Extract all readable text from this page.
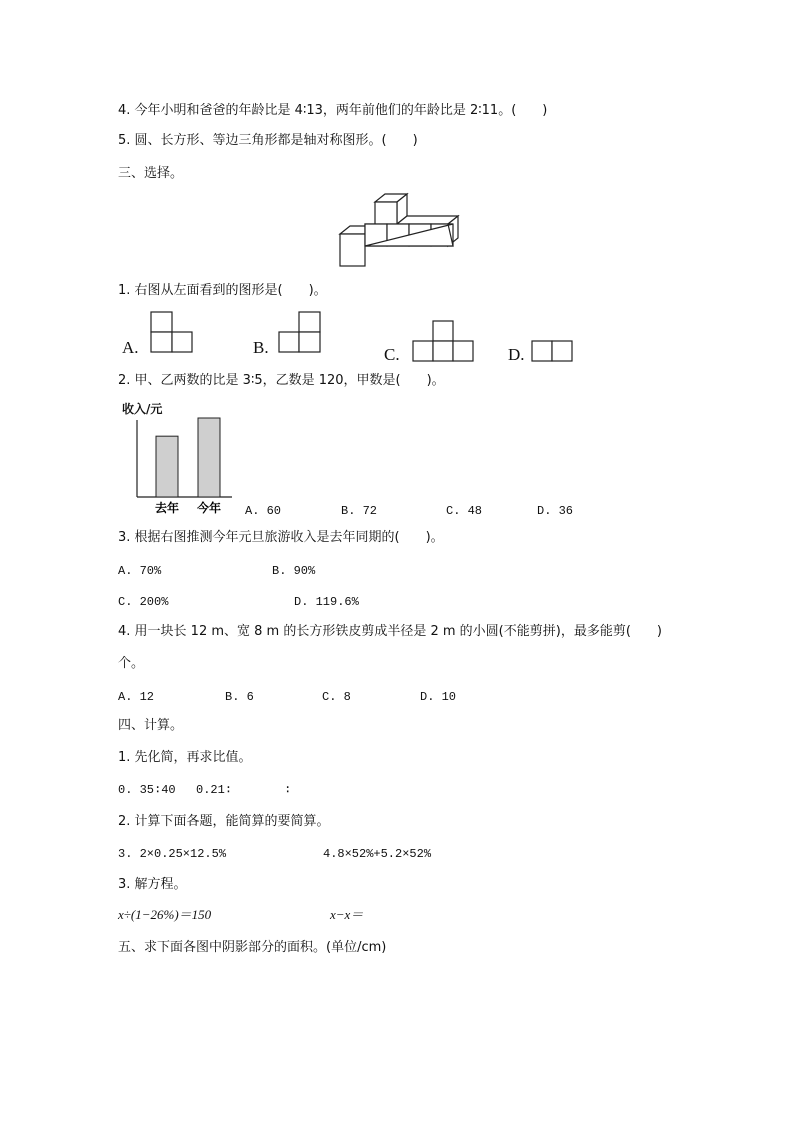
4. 今年小明和爸爸的年龄比是 4∶13，两年前他们的年龄比是 2∶11。(　　)
5. 圆、长方形、等边三角形都是轴对称图形。(　　)
三、选择。
1. 右图从左面看到的图形是(　　)。
A.	B.	C.	D.
2. 甲、乙两数的比是 3∶5，乙数是 120，甲数是(　　)。
收入/元
去年 今年 A. 60	B. 72	C. 48	D. 36
3. 根据右图推测今年元旦旅游收入是去年同期的(　　)。
A. 70%	B. 90%
C. 200%	D. 119.6%
4. 用一块长 12 m、宽 8 m 的长方形铁皮剪成半径是 2 m 的小圆(不能剪拼)，最多能剪(　　)
个。
A. 12	B. 6	C. 8	D. 10
四、计算。
1. 先化简，再求比值。
0. 35∶40 0.21∶	∶
2. 计算下面各题，能简算的要简算。
3. 2×0.25×12.5%	4.8×52%+5.2×52%
3. 解方程。
x÷(1−26%)＝150	x−x＝
五、求下面各图中阴影部分的面积。(单位/cm)
